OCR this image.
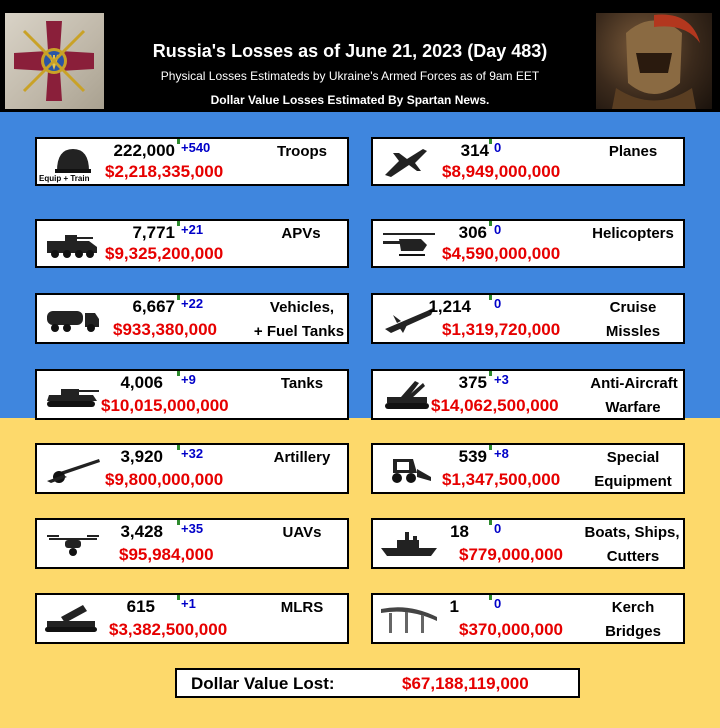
Russia's Losses as of June 21, 2023 (Day 483)
Physical Losses Estimateds by Ukraine's Armed Forces as of 9am EET
Dollar Value Losses Estimated By Spartan News.
Equip + Train
222,000 +540
$2,218,335,000
Troops
7,771 +21
$9,325,200,000
APVs
6,667 +22
$933,380,000
Vehicles,
+ Fuel Tanks
4,006 +9
$10,015,000,000
Tanks
3,920 +32
$9,800,000,000
Artillery
3,428 +35
$95,984,000
UAVs
615 +1
$3,382,500,000
MLRS
314 0
$8,949,000,000
Planes
306 0
$4,590,000,000
Helicopters
1,214 0
$1,319,720,000
Cruise
Missles
375 +3
$14,062,500,000
Anti-Aircraft
Warfare
539 +8
$1,347,500,000
Special
Equipment
18 0
$779,000,000
Boats, Ships,
Cutters
1	0
$370,000,000
Kerch
Bridges
Dollar Value Lost:	$67,188,119,000
